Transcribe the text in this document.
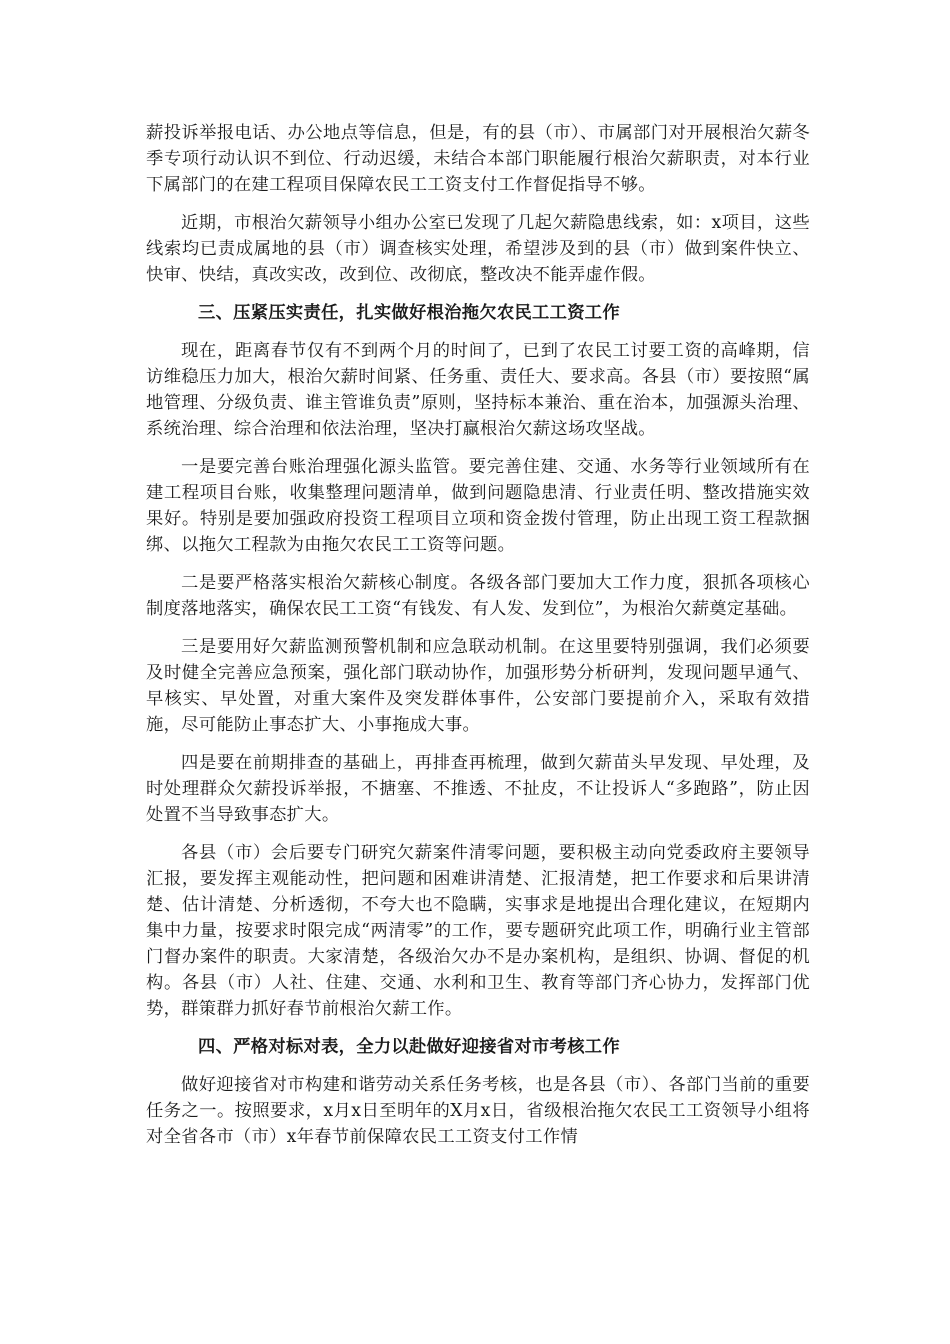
薪投诉举报电话、办公地点等信息，但是，有的县（市）、市属部门对开展根治欠薪冬季专项行动认识不到位、行动迟缓，未结合本部门职能履行根治欠薪职责，对本行业下属部门的在建工程项目保障农民工工资支付工作督促指导不够。

近期，市根治欠薪领导小组办公室已发现了几起欠薪隐患线索，如：x项目，这些线索均已责成属地的县（市）调查核实处理，希望涉及到的县（市）做到案件快立、快审、快结，真改实改，改到位、改彻底，整改决不能弄虚作假。

三、压紧压实责任，扎实做好根治拖欠农民工工资工作

现在，距离春节仅有不到两个月的时间了，已到了农民工讨要工资的高峰期，信访维稳压力加大，根治欠薪时间紧、任务重、责任大、要求高。各县（市）要按照“属地管理、分级负责、谁主管谁负责”原则，坚持标本兼治、重在治本，加强源头治理、系统治理、综合治理和依法治理，坚决打赢根治欠薪这场攻坚战。

一是要完善台账治理强化源头监管。要完善住建、交通、水务等行业领域所有在建工程项目台账，收集整理问题清单，做到问题隐患清、行业责任明、整改措施实效果好。特别是要加强政府投资工程项目立项和资金拨付管理，防止出现工资工程款捆绑、以拖欠工程款为由拖欠农民工工资等问题。

二是要严格落实根治欠薪核心制度。各级各部门要加大工作力度，狠抓各项核心制度落地落实，确保农民工工资“有钱发、有人发、发到位”，为根治欠薪奠定基础。

三是要用好欠薪监测预警机制和应急联动机制。在这里要特别强调，我们必须要及时健全完善应急预案，强化部门联动协作，加强形势分析研判，发现问题早通气、早核实、早处置，对重大案件及突发群体事件，公安部门要提前介入，采取有效措施，尽可能防止事态扩大、小事拖成大事。

四是要在前期排查的基础上，再排查再梳理，做到欠薪苗头早发现、早处理，及时处理群众欠薪投诉举报，不搪塞、不推透、不扯皮，不让投诉人“多跑路”，防止因处置不当导致事态扩大。

各县（市）会后要专门研究欠薪案件清零问题，要积极主动向党委政府主要领导汇报，要发挥主观能动性，把问题和困难讲清楚、汇报清楚，把工作要求和后果讲清楚、估计清楚、分析透彻，不夸大也不隐瞒，实事求是地提出合理化建议，在短期内集中力量，按要求时限完成“两清零”的工作，要专题研究此项工作，明确行业主管部门督办案件的职责。大家清楚，各级治欠办不是办案机构，是组织、协调、督促的机构。各县（市）人社、住建、交通、水利和卫生、教育等部门齐心协力，发挥部门优势，群策群力抓好春节前根治欠薪工作。

四、严格对标对表，全力以赴做好迎接省对市考核工作

做好迎接省对市构建和谐劳动关系任务考核，也是各县（市）、各部门当前的重要任务之一。按照要求，x月x日至明年的X月x日，省级根治拖欠农民工工资领导小组将对全省各市（市）x年春节前保障农民工工资支付工作情
